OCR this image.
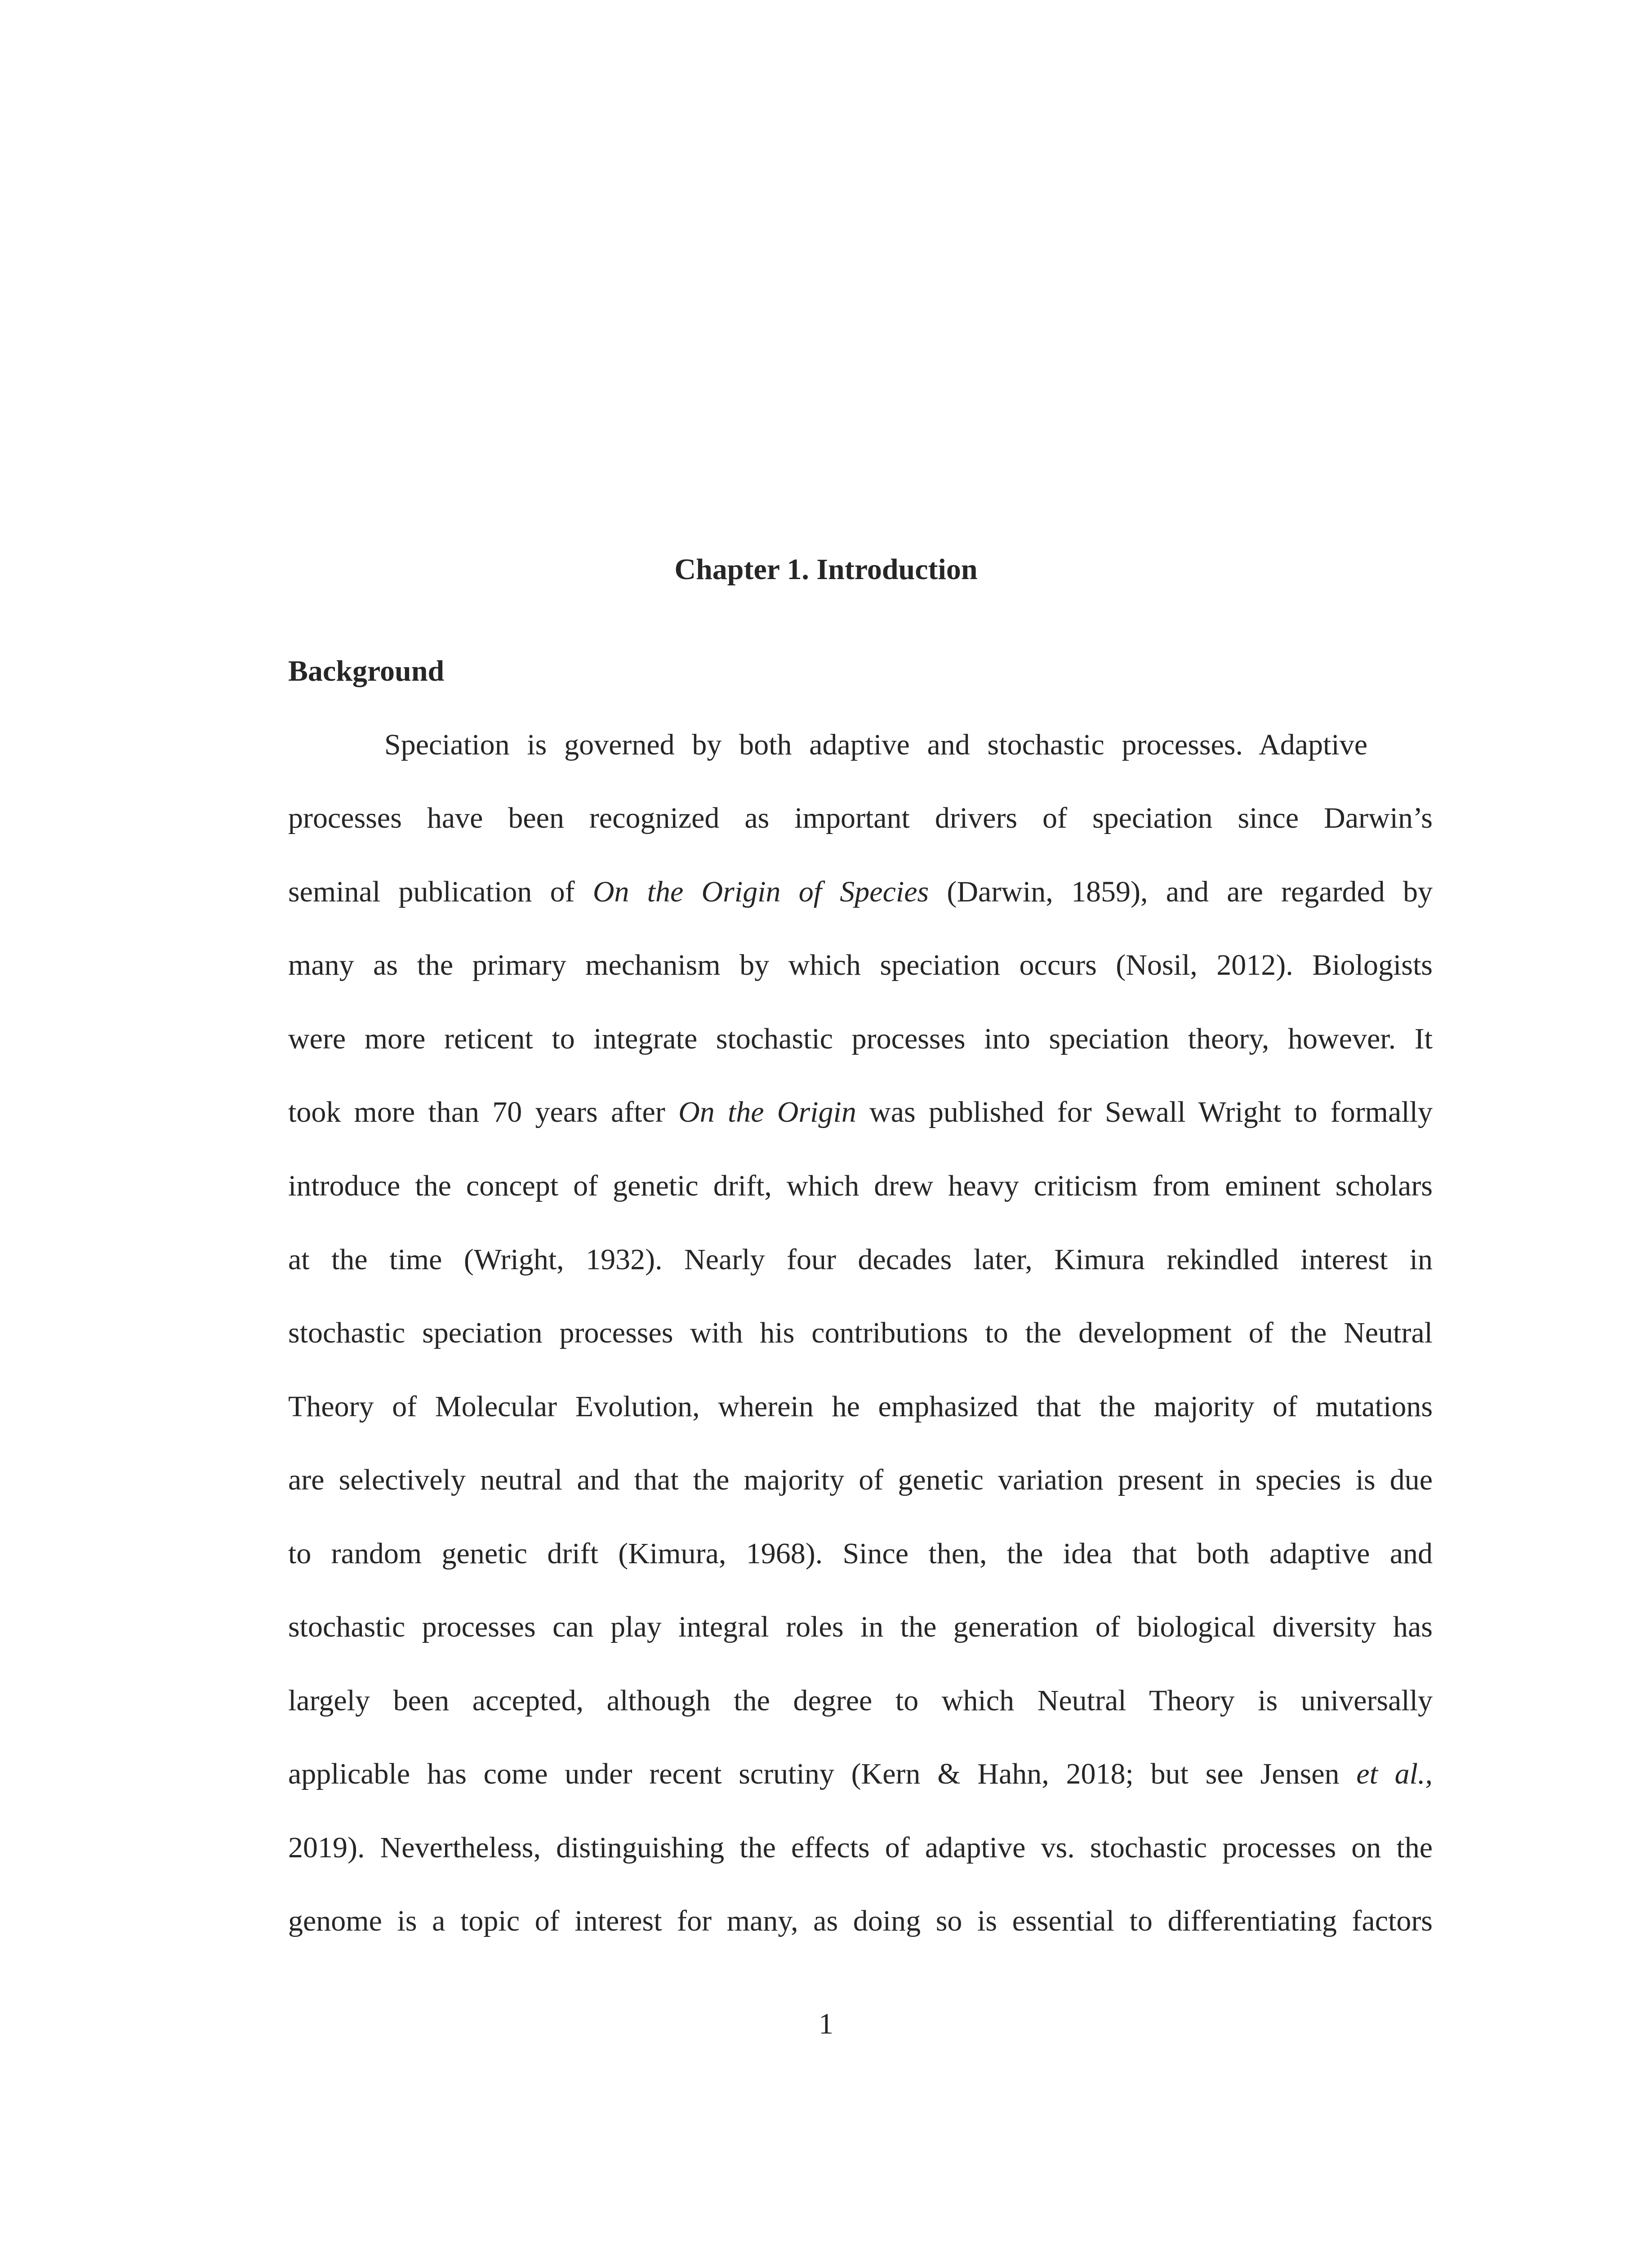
Chapter 1. Introduction
Background
Speciation is governed by both adaptive and stochastic processes. Adaptive
processes have been recognized as important drivers of speciation since Darwin’s
seminal publication of On the Origin of Species (Darwin, 1859), and are regarded by
many as the primary mechanism by which speciation occurs (Nosil, 2012). Biologists
were more reticent to integrate stochastic processes into speciation theory, however. It
took more than 70 years after On the Origin was published for Sewall Wright to formally
introduce the concept of genetic drift, which drew heavy criticism from eminent scholars
at the time (Wright, 1932). Nearly four decades later, Kimura rekindled interest in
stochastic speciation processes with his contributions to the development of the Neutral
Theory of Molecular Evolution, wherein he emphasized that the majority of mutations
are selectively neutral and that the majority of genetic variation present in species is due
to random genetic drift (Kimura, 1968). Since then, the idea that both adaptive and
stochastic processes can play integral roles in the generation of biological diversity has
largely been accepted, although the degree to which Neutral Theory is universally
applicable has come under recent scrutiny (Kern & Hahn, 2018; but see Jensen et al.,
2019). Nevertheless, distinguishing the effects of adaptive vs. stochastic processes on the
genome is a topic of interest for many, as doing so is essential to differentiating factors
1
